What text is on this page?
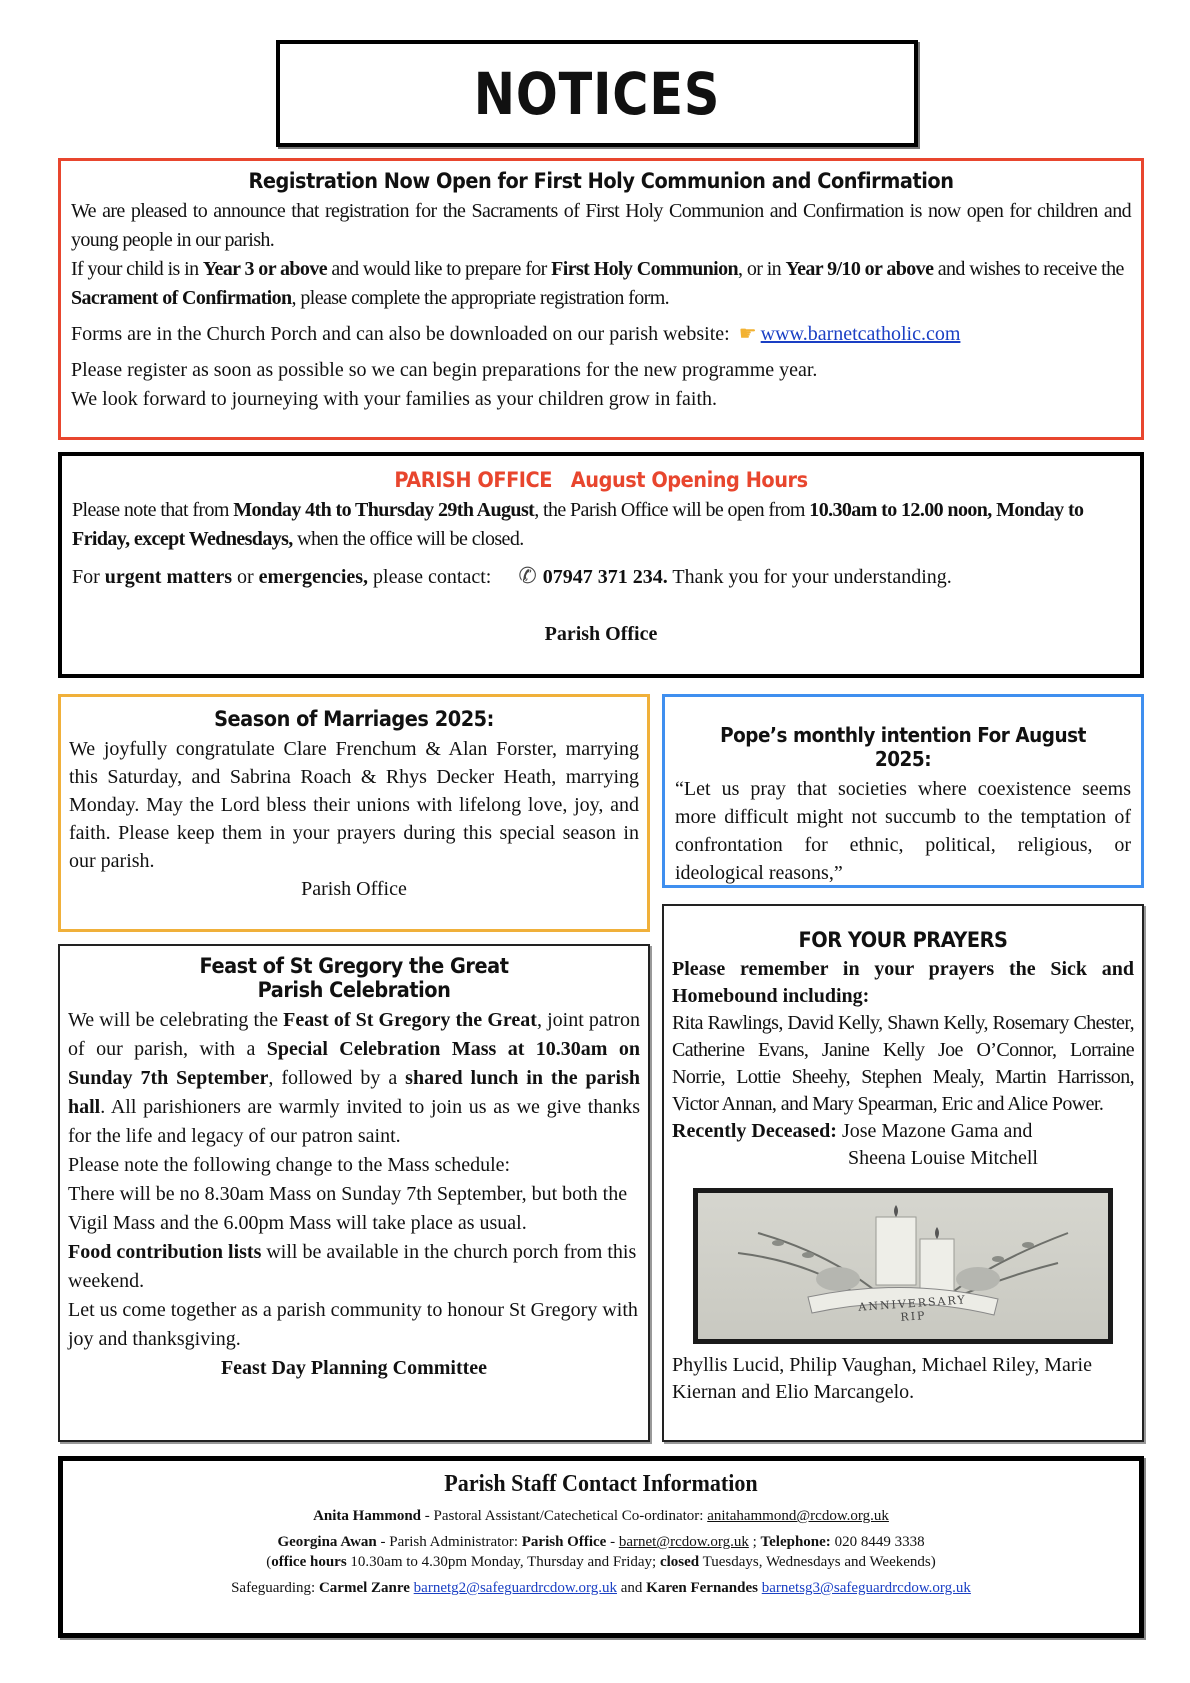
NOTICES
Registration Now Open for First Holy Communion and Confirmation

We are pleased to announce that registration for the Sacraments of First Holy Communion and Confirmation is now open for children and young people in our parish.

If your child is in Year 3 or above and would like to prepare for First Holy Communion, or in Year 9/10 or above and wishes to receive the Sacrament of Confirmation, please complete the appropriate registration form.

Forms are in the Church Porch and can also be downloaded on our parish website: ☛ www.barnetcatholic.com

Please register as soon as possible so we can begin preparations for the new programme year.

We look forward to journeying with your families as your children grow in faith.

PARISH OFFICE August Opening Hours

Please note that from Monday 4th to Thursday 29th August, the Parish Office will be open from 10.30am to 12.00 noon, Monday to Friday, except Wednesdays, when the office will be closed.

For urgent matters or emergencies, please contact: ✆ 07947 371 234. Thank you for your understanding.

Parish Office

Season of Marriages 2025:

We joyfully congratulate Clare Frenchum & Alan Forster, marrying this Saturday, and Sabrina Roach & Rhys Decker Heath, marrying Monday. May the Lord bless their unions with lifelong love, joy, and faith. Please keep them in your prayers during this special season in our parish.

Parish Office

Pope’s monthly intention For August 2025:

“Let us pray that societies where coexistence seems more difficult might not succumb to the temptation of confrontation for ethnic, political, religious, or ideological reasons,”

Feast of St Gregory the Great
Parish Celebration

We will be celebrating the Feast of St Gregory the Great, joint patron of our parish, with a Special Celebration Mass at 10.30am on Sunday 7th September, followed by a shared lunch in the parish hall. All parishioners are warmly invited to join us as we give thanks for the life and legacy of our patron saint.

Please note the following change to the Mass schedule:

There will be no 8.30am Mass on Sunday 7th September, but both the Vigil Mass and the 6.00pm Mass will take place as usual.

Food contribution lists will be available in the church porch from this weekend.

Let us come together as a parish community to honour St Gregory with joy and thanksgiving.

Feast Day Planning Committee

FOR YOUR PRAYERS

Please remember in your prayers the Sick and Homebound including:

Rita Rawlings, David Kelly, Shawn Kelly, Rosemary Chester, Catherine Evans, Janine Kelly Joe O’Connor, Lorraine Norrie, Lottie Sheehy, Stephen Mealy, Martin Harrisson, Victor Annan, and Mary Spearman, Eric and Alice Power.

Recently Deceased: Jose Mazone Gama and
Sheena Louise Mitchell

ANNIVERSARY RIP

Phyllis Lucid, Philip Vaughan, Michael Riley, Marie Kiernan and Elio Marcangelo.

Parish Staff Contact Information

Anita Hammond - Pastoral Assistant/Catechetical Co-ordinator: anitahammond@rcdow.org.uk

Georgina Awan - Parish Administrator: Parish Office - barnet@rcdow.org.uk ; Telephone: 020 8449 3338

(office hours 10.30am to 4.30pm Monday, Thursday and Friday; closed Tuesdays, Wednesdays and Weekends)

Safeguarding: Carmel Zanre barnetg2@safeguardrcdow.org.uk and Karen Fernandes barnetsg3@safeguardrcdow.org.uk
